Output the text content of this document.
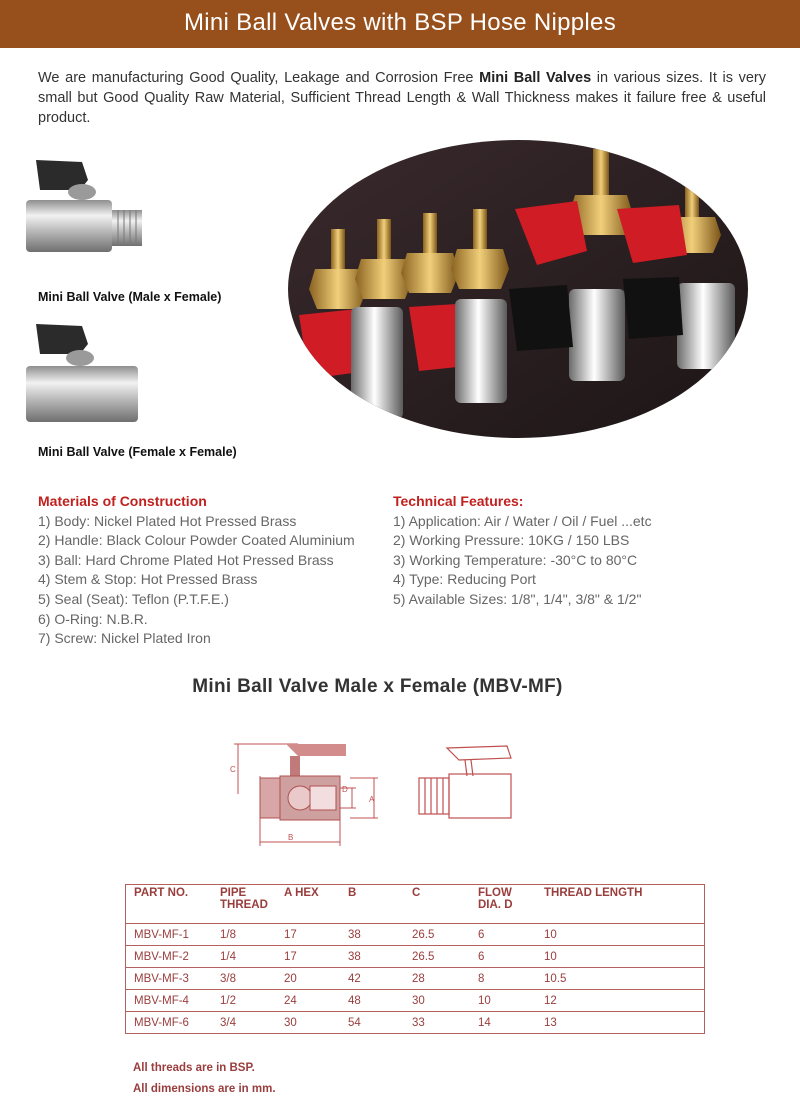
Mini Ball Valves with BSP Hose Nipples
We are manufacturing Good Quality, Leakage and Corrosion Free Mini Ball Valves in various sizes. It is very small but Good Quality Raw Material, Sufficient Thread Length & Wall Thickness makes it failure free & useful product.
Mini Ball Valve (Male x Female)
Mini Ball Valve (Female x Female)
Materials of Construction
1) Body: Nickel Plated Hot Pressed Brass
2) Handle: Black Colour Powder Coated Aluminium
3) Ball: Hard Chrome Plated Hot Pressed Brass
4) Stem & Stop: Hot Pressed Brass
5) Seal (Seat): Teflon (P.T.F.E.)
6) O-Ring: N.B.R.
7) Screw: Nickel Plated Iron
Technical Features:
1) Application: Air / Water / Oil / Fuel ...etc
2) Working Pressure: 10KG / 150 LBS
3) Working Temperature: -30°C to 80°C
4) Type: Reducing Port
5) Available Sizes: 1/8", 1/4", 3/8" & 1/2"
Mini Ball Valve Male x Female (MBV-MF)
C
D
A
B
PART NO.	PIPE THREAD	A HEX	B	C	FLOW DIA. D	THREAD LENGTH
MBV-MF-1	1/8	17	38	26.5	6	10
MBV-MF-2	1/4	17	38	26.5	6	10
MBV-MF-3	3/8	20	42	28	8	10.5
MBV-MF-4	1/2	24	48	30	10	12
MBV-MF-6	3/4	30	54	33	14	13
All threads are in BSP.
All dimensions are in mm.
